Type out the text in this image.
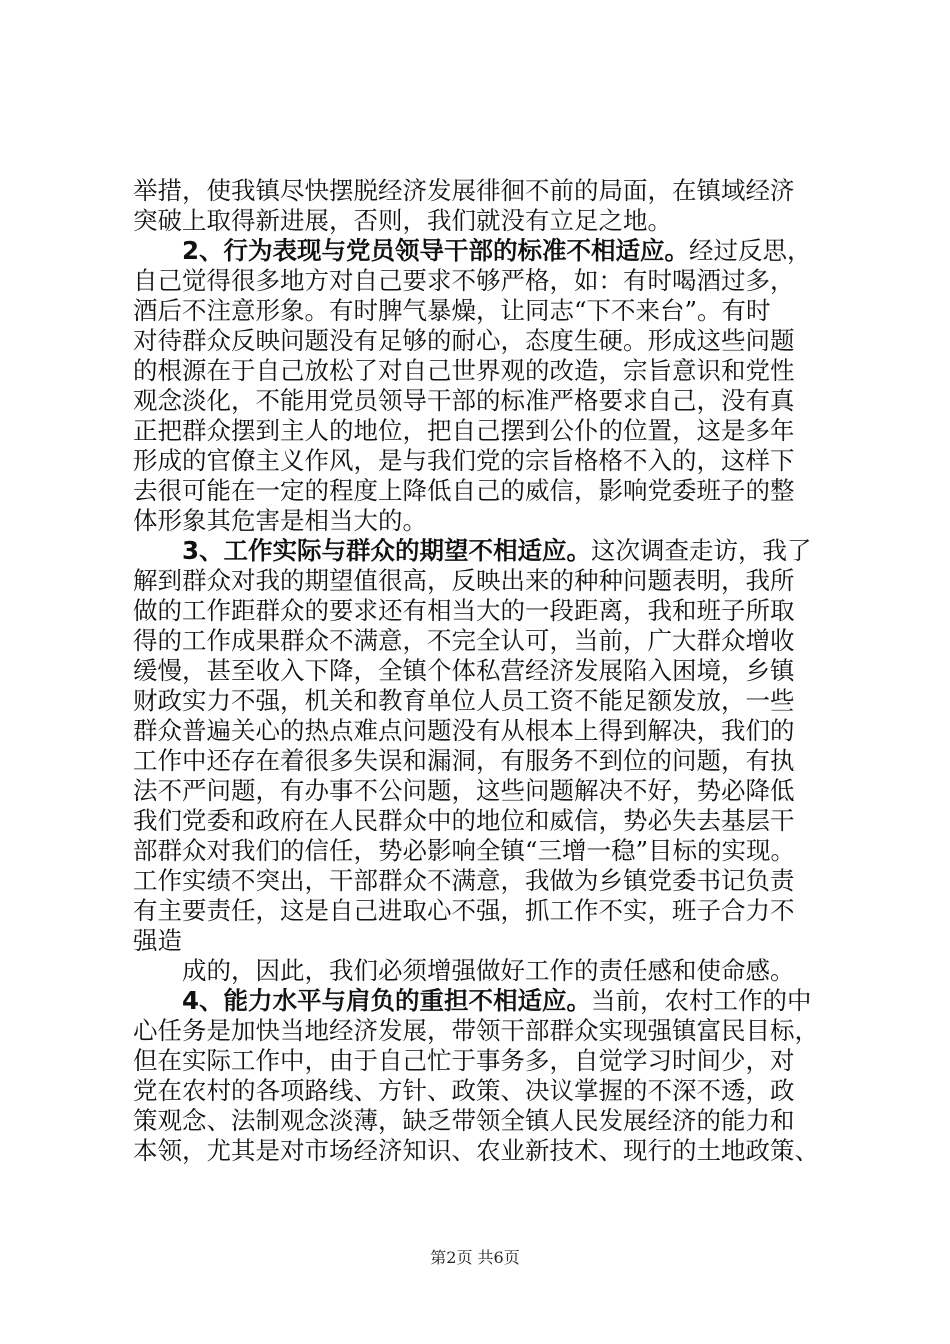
举措，使我镇尽快摆脱经济发展徘徊不前的局面，在镇域经济
突破上取得新进展，否则，我们就没有立足之地。
2、行为表现与党员领导干部的标准不相适应。经过反思，
自己觉得很多地方对自己要求不够严格，如：有时喝酒过多，
酒后不注意形象。有时脾气暴燥，让同志“下不来台”。有时
对待群众反映问题没有足够的耐心，态度生硬。形成这些问题
的根源在于自己放松了对自己世界观的改造，宗旨意识和党性
观念淡化，不能用党员领导干部的标准严格要求自己，没有真
正把群众摆到主人的地位，把自己摆到公仆的位置，这是多年
形成的官僚主义作风，是与我们党的宗旨格格不入的，这样下
去很可能在一定的程度上降低自己的威信，影响党委班子的整
体形象其危害是相当大的。
3、工作实际与群众的期望不相适应。这次调查走访，我了
解到群众对我的期望值很高，反映出来的种种问题表明，我所
做的工作距群众的要求还有相当大的一段距离，我和班子所取
得的工作成果群众不满意，不完全认可，当前，广大群众增收
缓慢，甚至收入下降，全镇个体私营经济发展陷入困境，乡镇
财政实力不强，机关和教育单位人员工资不能足额发放，一些
群众普遍关心的热点难点问题没有从根本上得到解决，我们的
工作中还存在着很多失误和漏洞，有服务不到位的问题，有执
法不严问题，有办事不公问题，这些问题解决不好，势必降低
我们党委和政府在人民群众中的地位和威信，势必失去基层干
部群众对我们的信任，势必影响全镇“三增一稳”目标的实现。
工作实绩不突出，干部群众不满意，我做为乡镇党委书记负责
有主要责任，这是自己进取心不强，抓工作不实，班子合力不
强造
成的，因此，我们必须增强做好工作的责任感和使命感。
4、能力水平与肩负的重担不相适应。当前，农村工作的中
心任务是加快当地经济发展，带领干部群众实现强镇富民目标，
但在实际工作中，由于自己忙于事务多，自觉学习时间少，对
党在农村的各项路线、方针、政策、决议掌握的不深不透，政
策观念、法制观念淡薄，缺乏带领全镇人民发展经济的能力和
本领，尤其是对市场经济知识、农业新技术、现行的土地政策、
第2页 共6页
